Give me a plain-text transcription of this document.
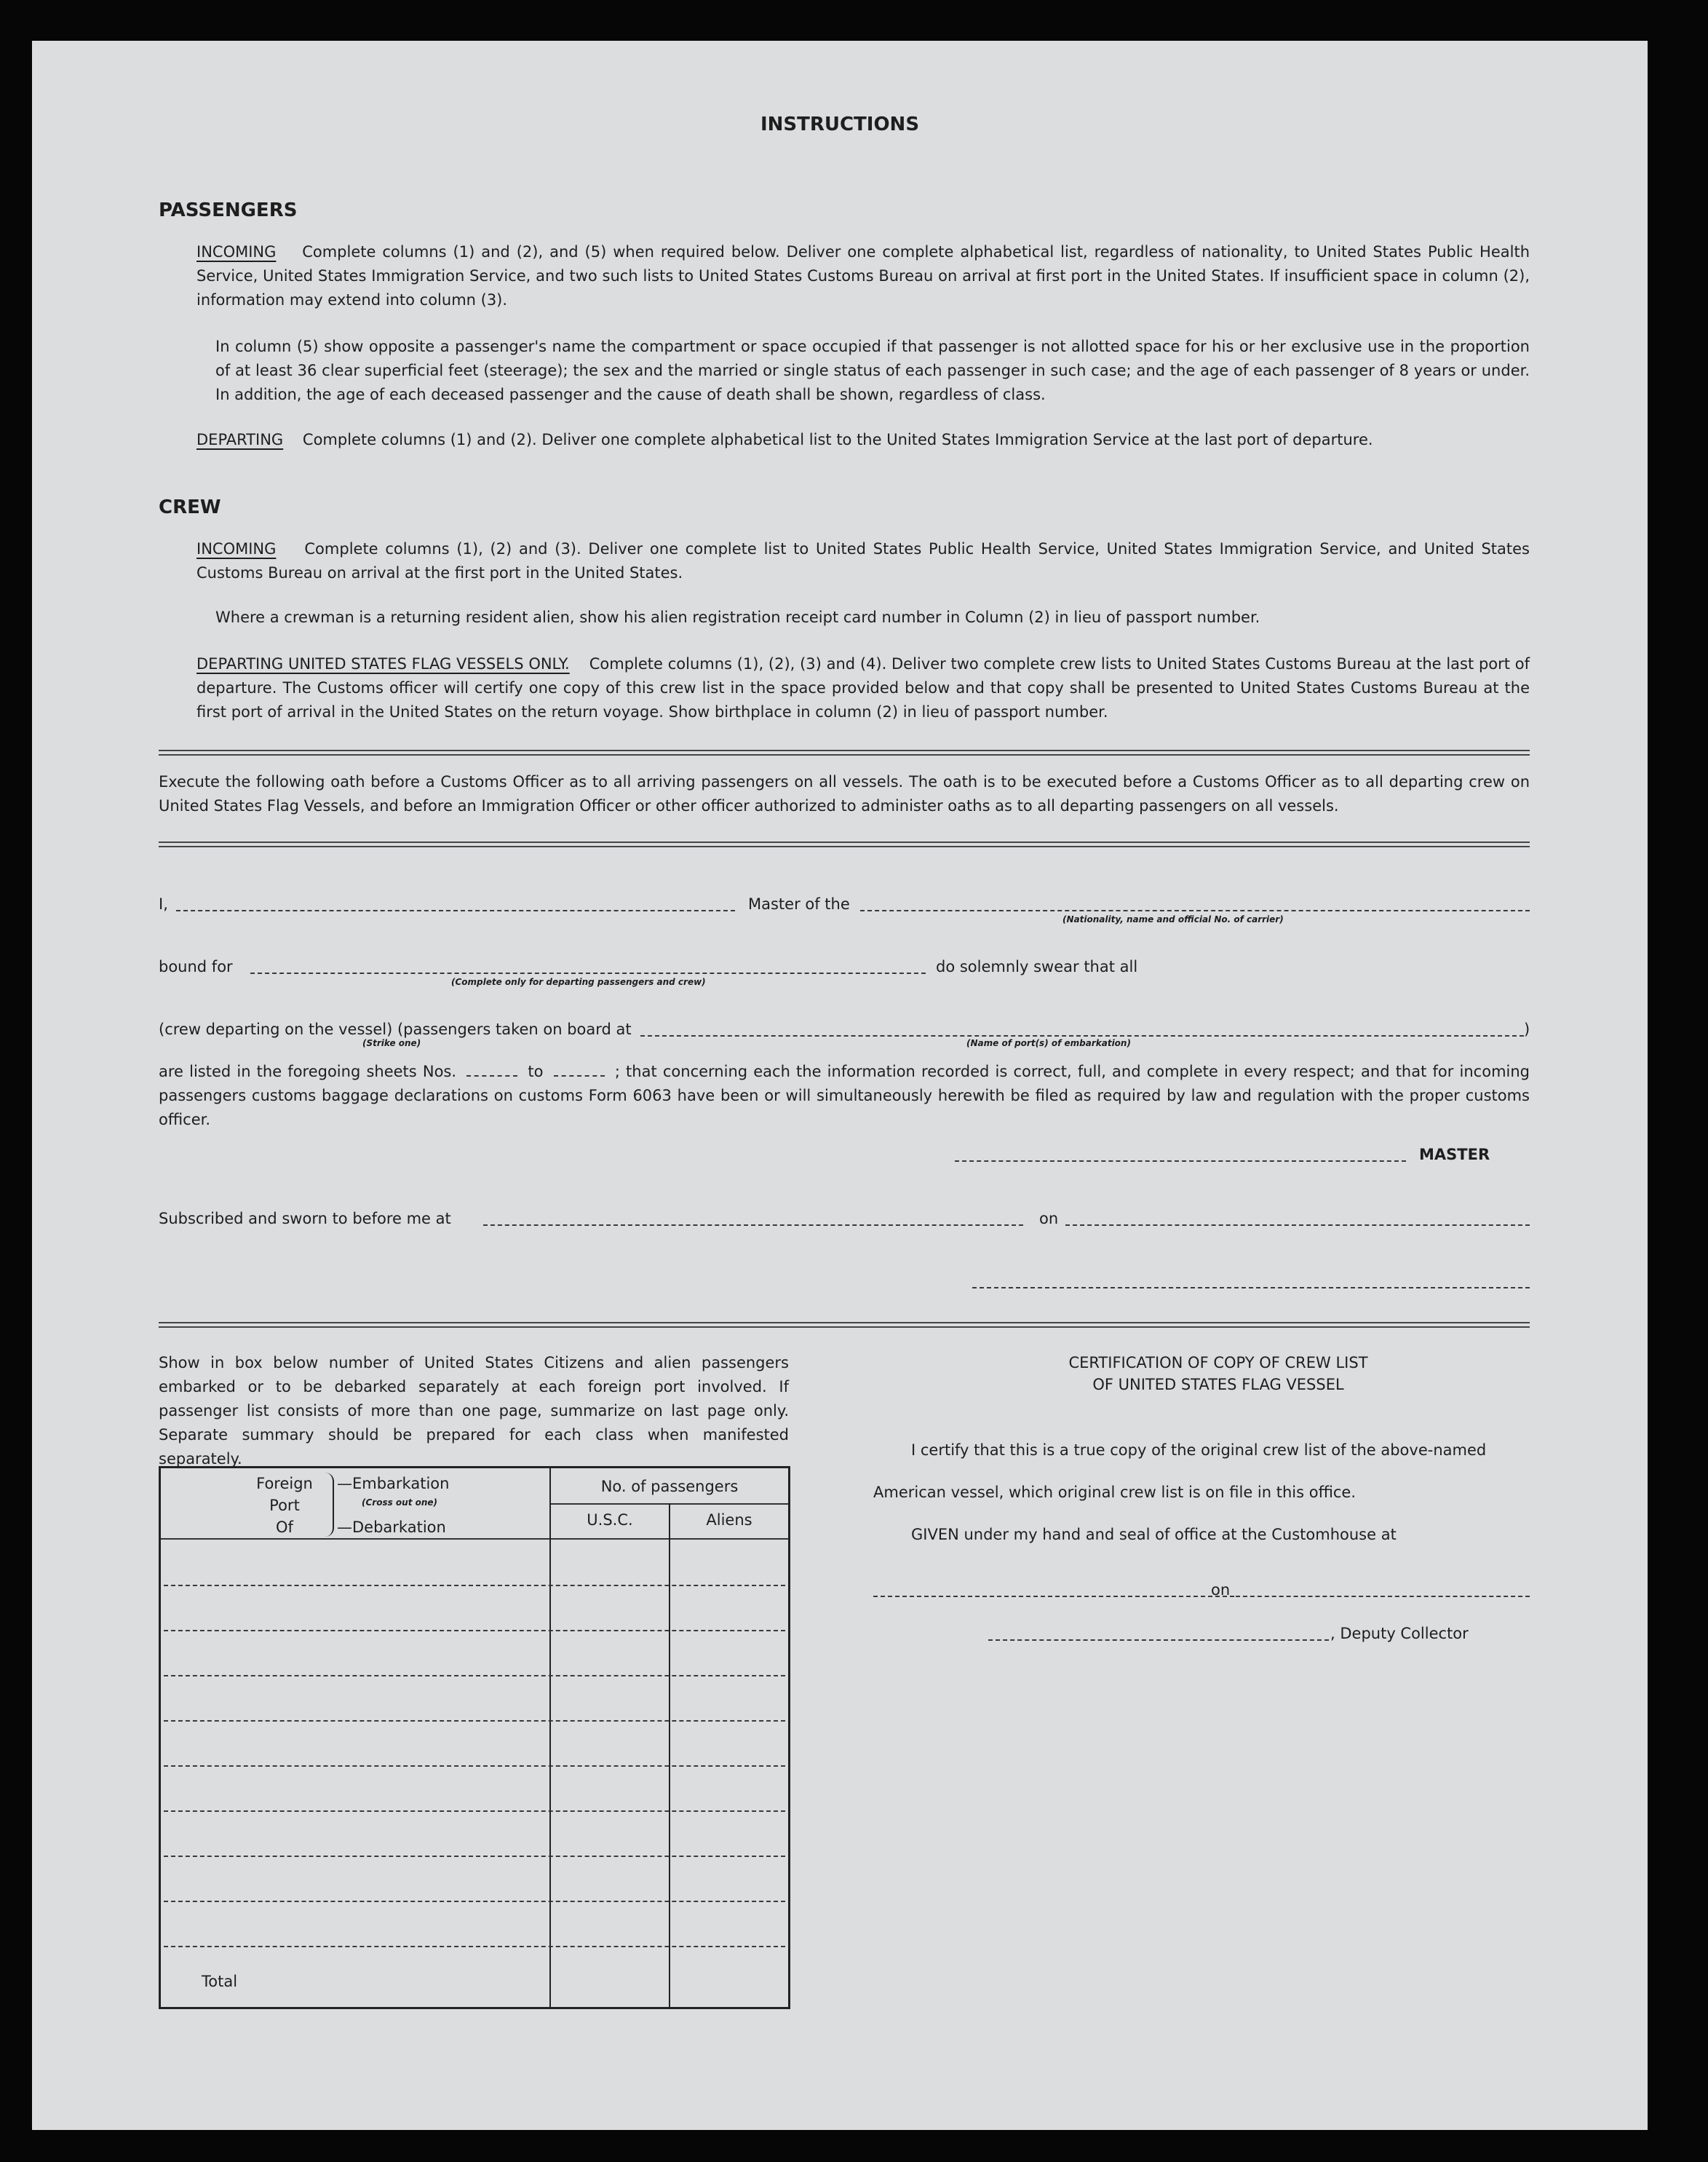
INSTRUCTIONS
PASSENGERS
INCOMING Complete columns (1) and (2), and (5) when required below. Deliver one complete alphabetical list, regardless of nationality, to United States Public Health Service, United States Immigration Service, and two such lists to United States Customs Bureau on arrival at first port in the United States. If insufficient space in column (2), information may extend into column (3).
In column (5) show opposite a passenger's name the compartment or space occupied if that passenger is not allotted space for his or her exclusive use in the proportion of at least 36 clear superficial feet (steerage); the sex and the married or single status of each passenger in such case; and the age of each passenger of 8 years or under. In addition, the age of each deceased passenger and the cause of death shall be shown, regardless of class.
DEPARTING Complete columns (1) and (2). Deliver one complete alphabetical list to the United States Immigration Service at the last port of departure.
CREW
INCOMING Complete columns (1), (2) and (3). Deliver one complete list to United States Public Health Service, United States Immigration Service, and United States Customs Bureau on arrival at the first port in the United States.
Where a crewman is a returning resident alien, show his alien registration receipt card number in Column (2) in lieu of passport number.
DEPARTING UNITED STATES FLAG VESSELS ONLY. Complete columns (1), (2), (3) and (4). Deliver two complete crew lists to United States Customs Bureau at the last port of departure. The Customs officer will certify one copy of this crew list in the space provided below and that copy shall be presented to United States Customs Bureau at the first port of arrival in the United States on the return voyage. Show birthplace in column (2) in lieu of passport number.
Execute the following oath before a Customs Officer as to all arriving passengers on all vessels. The oath is to be executed before a Customs Officer as to all departing crew on United States Flag Vessels, and before an Immigration Officer or other officer authorized to administer oaths as to all departing passengers on all vessels.
I,	Master of the
(Nationality, name and official No. of carrier)
bound for
(Complete only for departing passengers and crew)
do solemnly swear that all
(crew departing on the vessel) (passengers taken on board at	)
(Strike one)	(Name of port(s) of embarkation)
are listed in the foregoing sheets Nos.	to	; that concerning each the information recorded is correct, full, and complete in every respect; and that for incoming passengers customs baggage declarations on customs Form 6063 have been or will simultaneously herewith be filed as required by law and regulation with the proper customs officer.
MASTER
Subscribed and sworn to before me at	on
Show in box below number of United States Citizens and alien passengers embarked or to be debarked separately at each foreign port involved. If passenger list consists of more than one page, summarize on last page only. Separate summary should be prepared for each class when manifested separately.
Foreign
Port
Of
—Embarkation
(Cross out one)
—Debarkation
No. of passengers
U.S.C.	Aliens
Total
CERTIFICATION OF COPY OF CREW LIST
OF UNITED STATES FLAG VESSEL
I certify that this is a true copy of the original crew list of the above-named
American vessel, which original crew list is on file in this office.
GIVEN under my hand and seal of office at the Customhouse at
on
, Deputy Collector
